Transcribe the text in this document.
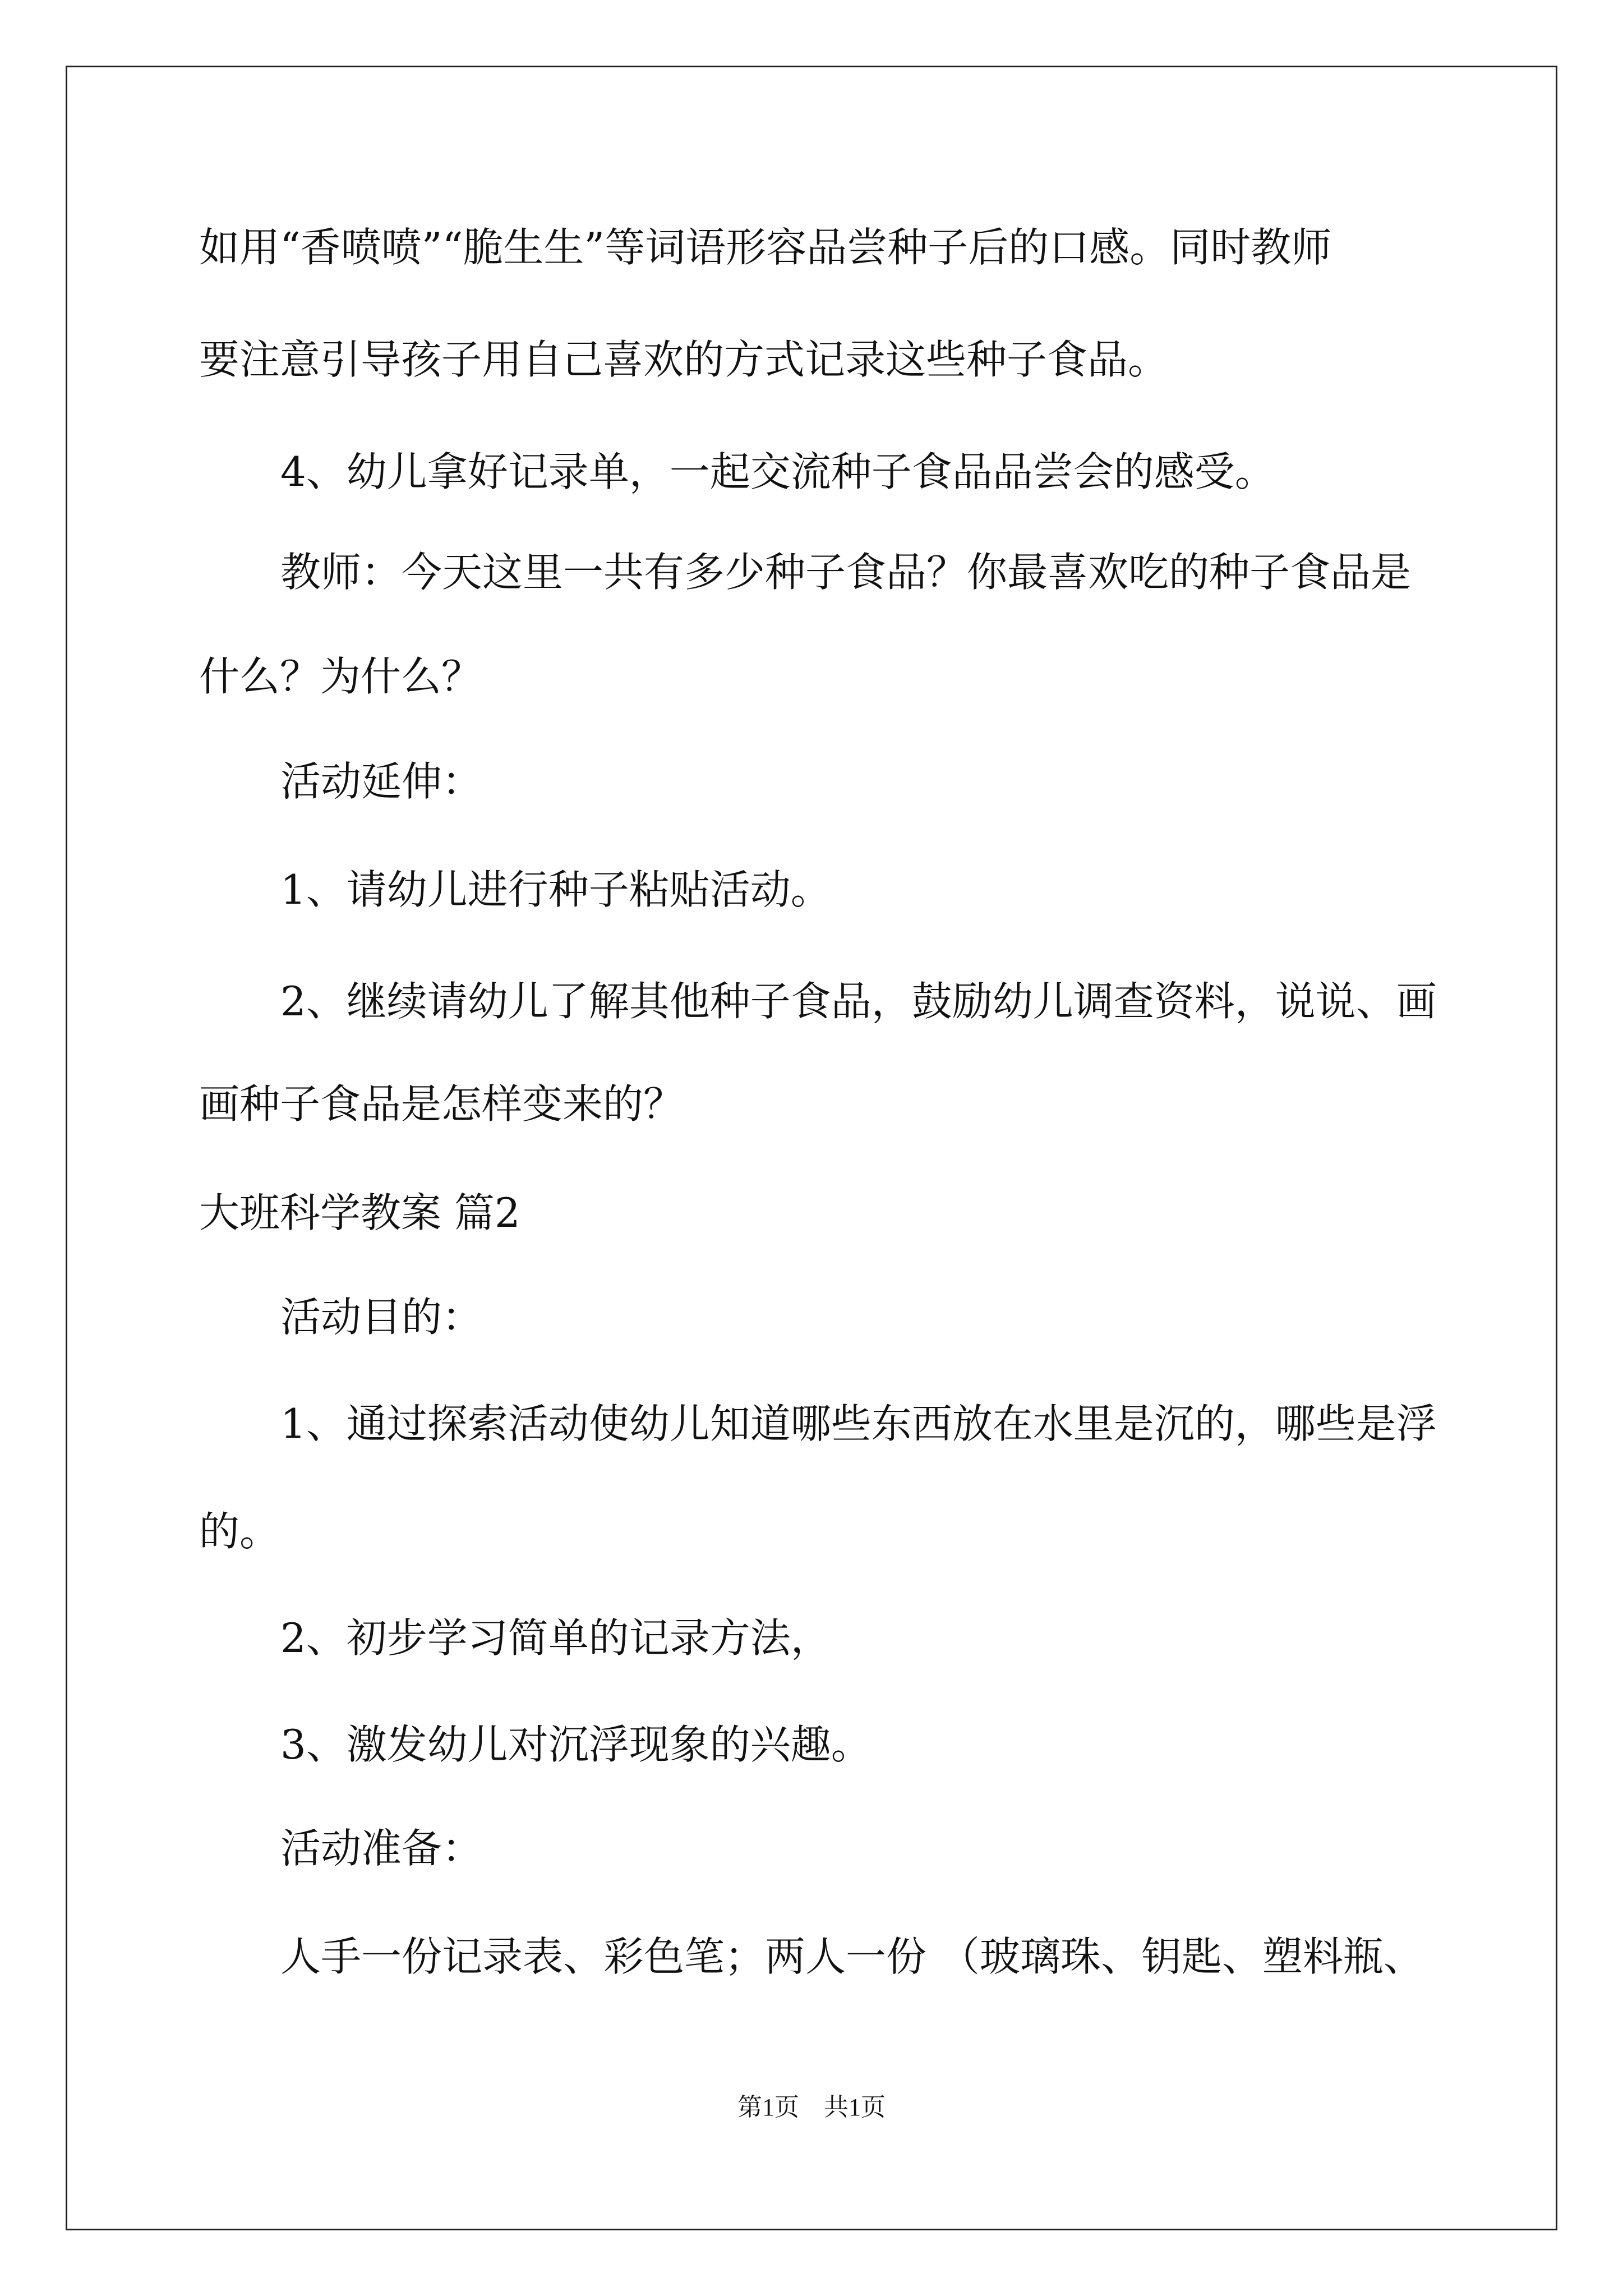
如用“香喷喷”“脆生生”等词语形容品尝种子后的口感。同时教师
要注意引导孩子用自己喜欢的方式记录这些种子食品。
4、幼儿拿好记录单，一起交流种子食品品尝会的感受。
教师：今天这里一共有多少种子食品？你最喜欢吃的种子食品是
什么？为什么？
活动延伸：
1、请幼儿进行种子粘贴活动。
2、继续请幼儿了解其他种子食品，鼓励幼儿调查资料，说说、画
画种子食品是怎样变来的？
大班科学教案 篇2
活动目的：
1、通过探索活动使幼儿知道哪些东西放在水里是沉的，哪些是浮
的。
2、初步学习简单的记录方法，
3、激发幼儿对沉浮现象的兴趣。
活动准备：
人手一份记录表、彩色笔；两人一份 （玻璃珠、钥匙、塑料瓶、
第1页　共1页
